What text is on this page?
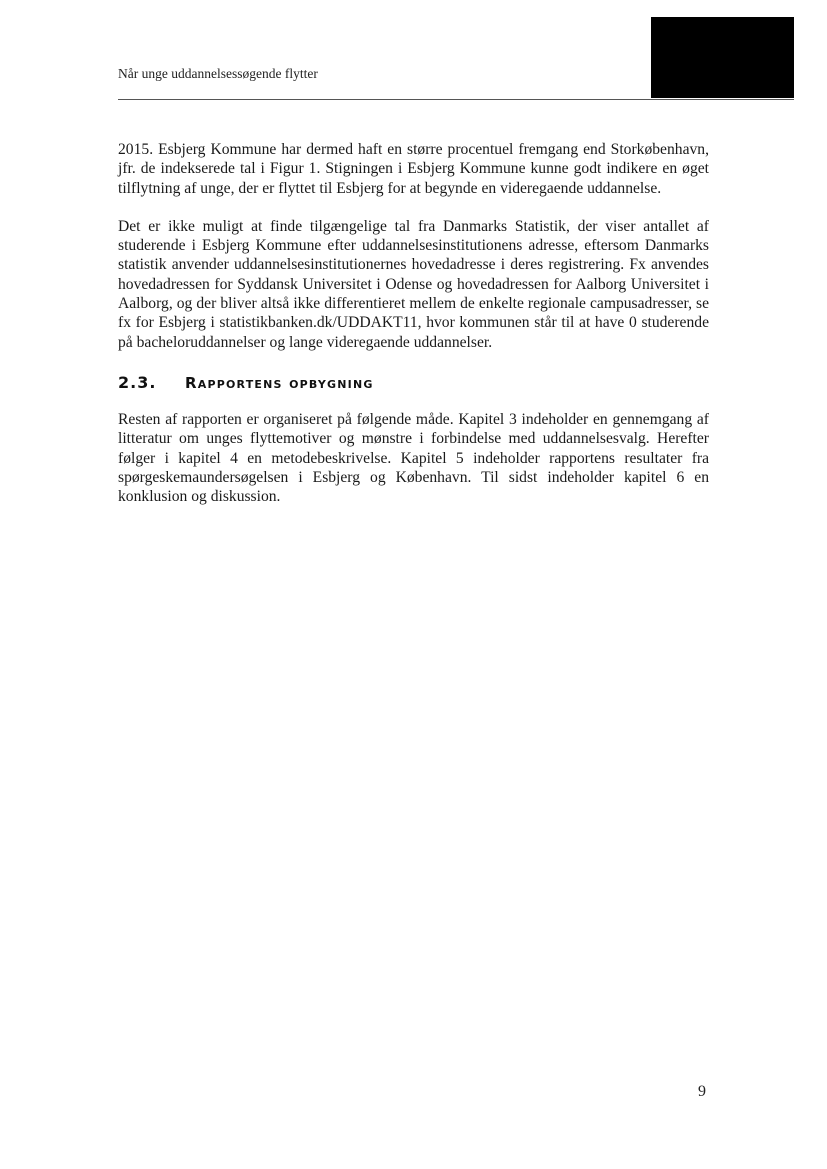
Når unge uddannelsessøgende flytter

2015. Esbjerg Kommune har dermed haft en større procentuel fremgang end Storkøbenhavn, jfr. de indekserede tal i Figur 1. Stigningen i Esbjerg Kommune kunne godt indikere en øget tilflytning af unge, der er flyttet til Esbjerg for at begynde en videregaende uddannelse.

Det er ikke muligt at finde tilgængelige tal fra Danmarks Statistik, der viser antallet af studerende i Esbjerg Kommune efter uddannelsesinstitutionens adresse, eftersom Danmarks statistik anvender uddannelsesinstitutionernes hovedadresse i deres registrering. Fx anvendes hovedadressen for Syddansk Universitet i Odense og hovedadressen for Aalborg Universitet i Aalborg, og der bliver altså ikke differentieret mellem de enkelte regionale campusadresser, se fx for Esbjerg i statistikbanken.dk/UDDAKT11, hvor kommunen står til at have 0 studerende på bacheloruddannelser og lange videregaende uddannelser.

2.3.	Rapportens opbygning

Resten af rapporten er organiseret på følgende måde. Kapitel 3 indeholder en gennemgang af litteratur om unges flyttemotiver og mønstre i forbindelse med uddannelsesvalg. Herefter følger i kapitel 4 en metodebeskrivelse. Kapitel 5 indeholder rapportens resultater fra spørgeskemaundersøgelsen i Esbjerg og København. Til sidst indeholder kapitel 6 en konklusion og diskussion.

9
